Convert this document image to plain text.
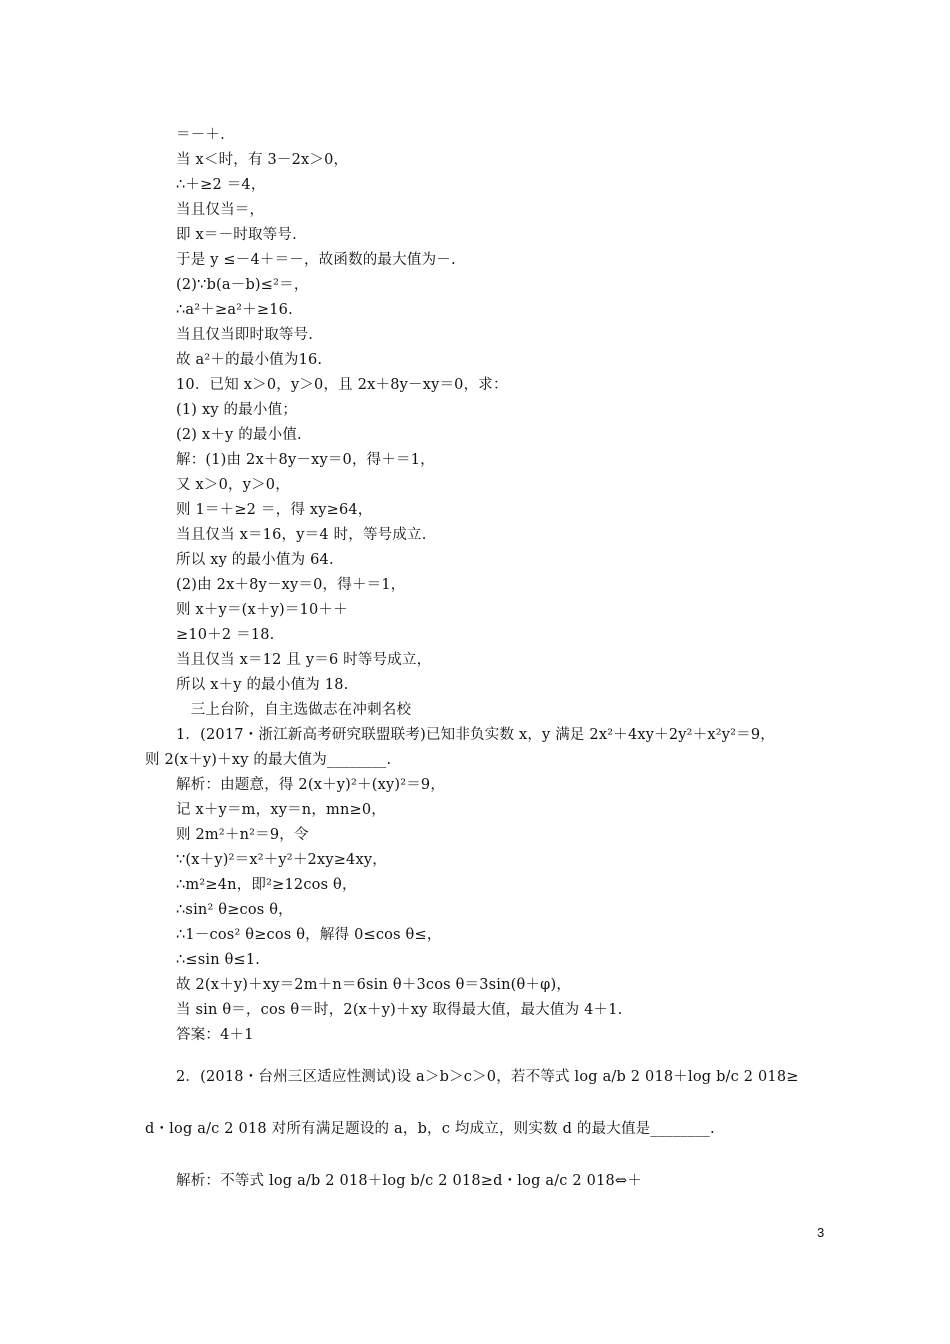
＝－＋.
当 x＜时，有 3－2x＞0，
∴＋≥2 ＝4，
当且仅当＝，
即 x＝－时取等号.
于是 y ≤－4＋＝－，故函数的最大值为－.
(2)∵b(a－b)≤²＝，
∴a²＋≥a²＋≥16.
当且仅当即时取等号.
故 a²＋的最小值为16.
10．已知 x＞0，y＞0，且 2x＋8y－xy＝0，求：
(1) xy 的最小值；
(2) x＋y 的最小值.
解：(1)由 2x＋8y－xy＝0，得＋＝1，
又 x＞0，y＞0，
则 1＝＋≥2 ＝，得 xy≥64，
当且仅当 x＝16，y＝4 时，等号成立.
所以 xy 的最小值为 64.
(2)由 2x＋8y－xy＝0，得＋＝1，
则 x＋y＝(x＋y)＝10＋＋
≥10＋2 ＝18.
当且仅当 x＝12 且 y＝6 时等号成立，
所以 x＋y 的最小值为 18.
　三上台阶，自主选做志在冲刺名校
1．(2017・浙江新高考研究联盟联考)已知非负实数 x，y 满足 2x²＋4xy＋2y²＋x²y²＝9，
则 2(x＋y)＋xy 的最大值为________.
解析：由题意，得 2(x＋y)²＋(xy)²＝9，
记 x＋y＝m，xy＝n，mn≥0，
则 2m²＋n²＝9，令
∵(x＋y)²＝x²＋y²＋2xy≥4xy，
∴m²≥4n，即²≥12cos θ，
∴sin² θ≥cos θ，
∴1－cos² θ≥cos θ，解得 0≤cos θ≤，
∴≤sin θ≤1.
故 2(x＋y)＋xy＝2m＋n＝6sin θ＋3cos θ＝3sin(θ＋φ)，
当 sin θ＝，cos θ＝时，2(x＋y)＋xy 取得最大值，最大值为 4＋1.
答案：4＋1
2．(2018・台州三区适应性测试)设 a＞b＞c＞0，若不等式 log a/b 2 018＋log b/c 2 018≥
d・log a/c 2 018 对所有满足题设的 a，b，c 均成立，则实数 d 的最大值是________.
解析：不等式 log a/b 2 018＋log b/c 2 018≥d・log a/c 2 018⇔＋
3
